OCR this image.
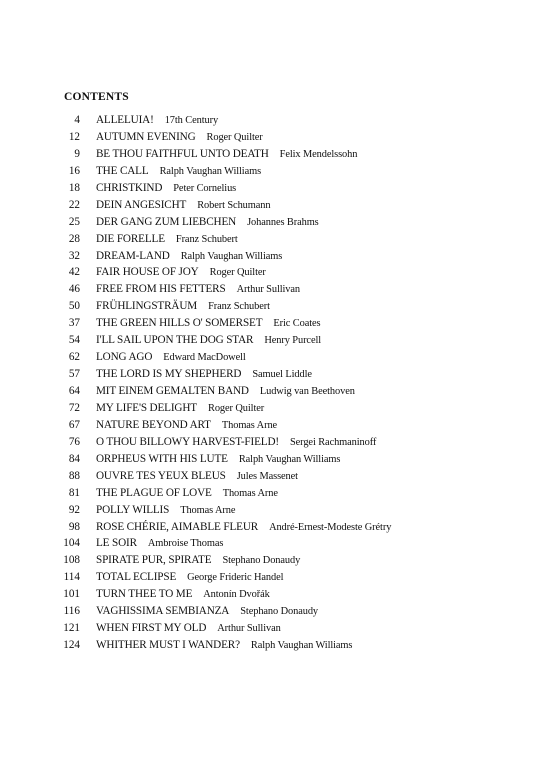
CONTENTS
4 ALLELUIA! 17th Century
12 AUTUMN EVENING Roger Quilter
9 BE THOU FAITHFUL UNTO DEATH Felix Mendelssohn
16 THE CALL Ralph Vaughan Williams
18 CHRISTKIND Peter Cornelius
22 DEIN ANGESICHT Robert Schumann
25 DER GANG ZUM LIEBCHEN Johannes Brahms
28 DIE FORELLE Franz Schubert
32 DREAM-LAND Ralph Vaughan Williams
42 FAIR HOUSE OF JOY Roger Quilter
46 FREE FROM HIS FETTERS Arthur Sullivan
50 FRÜHLINGSTRÄUM Franz Schubert
37 THE GREEN HILLS O' SOMERSET Eric Coates
54 I'LL SAIL UPON THE DOG STAR Henry Purcell
62 LONG AGO Edward MacDowell
57 THE LORD IS MY SHEPHERD Samuel Liddle
64 MIT EINEM GEMALTEN BAND Ludwig van Beethoven
72 MY LIFE'S DELIGHT Roger Quilter
67 NATURE BEYOND ART Thomas Arne
76 O THOU BILLOWY HARVEST-FIELD! Sergei Rachmaninoff
84 ORPHEUS WITH HIS LUTE Ralph Vaughan Williams
88 OUVRE TES YEUX BLEUS Jules Massenet
81 THE PLAGUE OF LOVE Thomas Arne
92 POLLY WILLIS Thomas Arne
98 ROSE CHÉRIE, AIMABLE FLEUR André-Ernest-Modeste Grétry
104 LE SOIR Ambroise Thomas
108 SPIRATE PUR, SPIRATE Stephano Donaudy
114 TOTAL ECLIPSE George Frideric Handel
101 TURN THEE TO ME Antonín Dvořák
116 VAGHISSIMA SEMBIANZA Stephano Donaudy
121 WHEN FIRST MY OLD Arthur Sullivan
124 WHITHER MUST I WANDER? Ralph Vaughan Williams
